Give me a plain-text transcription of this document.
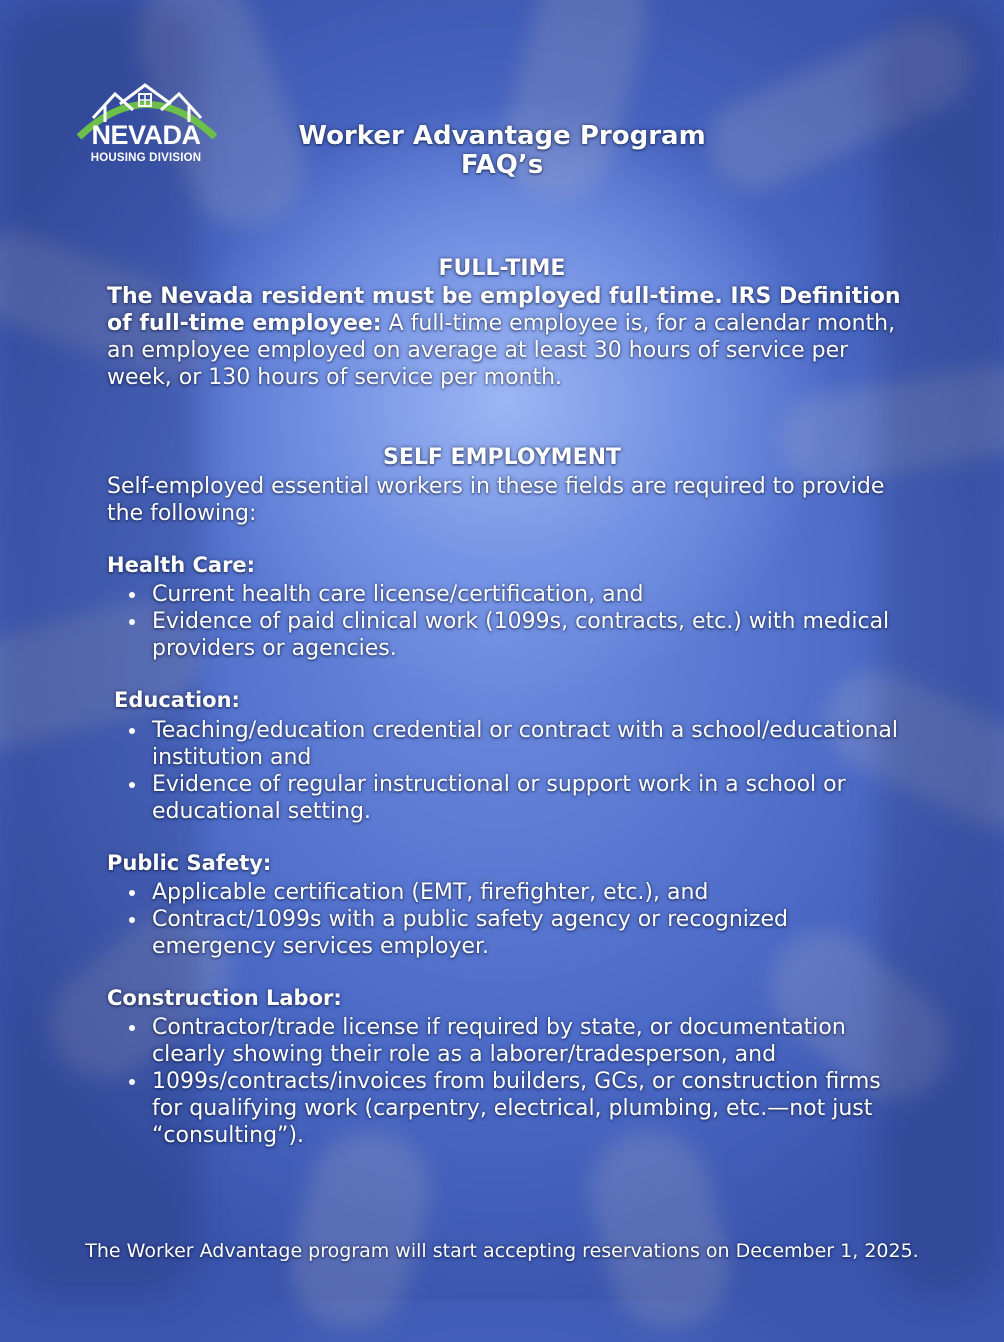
NEVADA
HOUSING DIVISION
Worker Advantage Program
FAQ’s
FULL-TIME
The Nevada resident must be employed full-time. IRS Definition of full-time employee: A full-time employee is, for a calendar month, an employee employed on average at least 30 hours of service per week, or 130 hours of service per month.
SELF EMPLOYMENT
Self-employed essential workers in these fields are required to provide the following:
Health Care:
Current health care license/certification, and
Evidence of paid clinical work (1099s, contracts, etc.) with medical providers or agencies.
Education:
Teaching/education credential or contract with a school/educational institution and
Evidence of regular instructional or support work in a school or educational setting.
Public Safety:
Applicable certification (EMT, firefighter, etc.), and
Contract/1099s with a public safety agency or recognized emergency services employer.
Construction Labor:
Contractor/trade license if required by state, or documentation clearly showing their role as a laborer/tradesperson, and
1099s/contracts/invoices from builders, GCs, or construction firms for qualifying work (carpentry, electrical, plumbing, etc.—not just “consulting”).
The Worker Advantage program will start accepting reservations on December 1, 2025.
